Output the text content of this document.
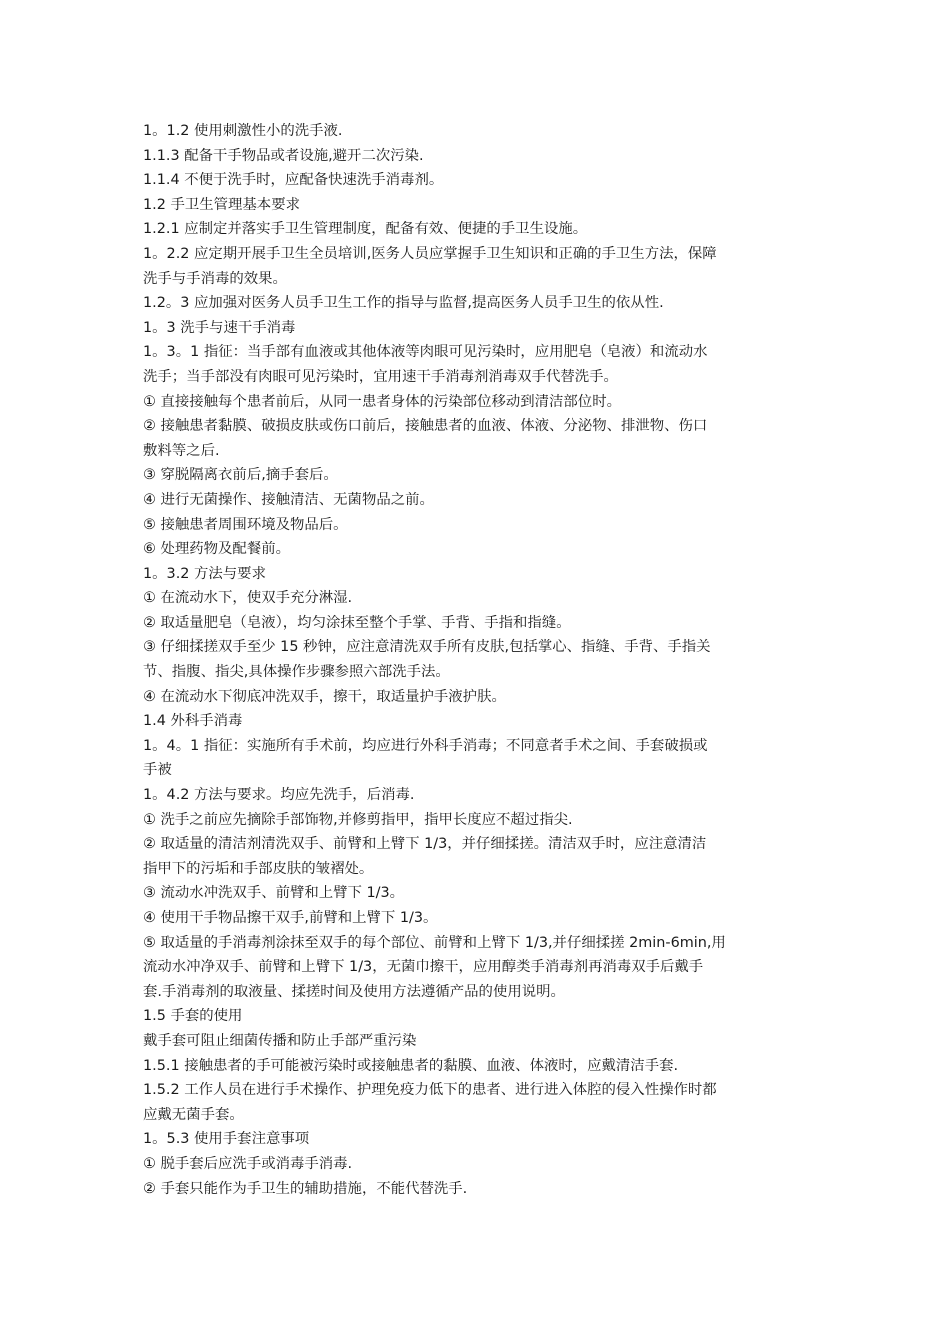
1。1.2 使用刺激性小的洗手液.
1.1.3 配备干手物品或者设施,避开二次污染.
1.1.4 不便于洗手时，应配备快速洗手消毒剂。
1.2 手卫生管理基本要求
1.2.1 应制定并落实手卫生管理制度，配备有效、便捷的手卫生设施。
1。2.2 应定期开展手卫生全员培训,医务人员应掌握手卫生知识和正确的手卫生方法，保障
洗手与手消毒的效果。
1.2。3 应加强对医务人员手卫生工作的指导与监督,提高医务人员手卫生的依从性.
1。3 洗手与速干手消毒
1。3。1 指征：当手部有血液或其他体液等肉眼可见污染时，应用肥皂（皂液）和流动水
洗手；当手部没有肉眼可见污染时，宜用速干手消毒剂消毒双手代替洗手。
① 直接接触每个患者前后，从同一患者身体的污染部位移动到清洁部位时。
② 接触患者黏膜、破损皮肤或伤口前后，接触患者的血液、体液、分泌物、排泄物、伤口
敷料等之后.
③ 穿脱隔离衣前后,摘手套后。
④ 进行无菌操作、接触清洁、无菌物品之前。
⑤ 接触患者周围环境及物品后。
⑥ 处理药物及配餐前。
1。3.2 方法与要求
① 在流动水下，使双手充分淋湿.
② 取适量肥皂（皂液），均匀涂抹至整个手掌、手背、手指和指缝。
③ 仔细揉搓双手至少 15 秒钟，应注意清洗双手所有皮肤,包括掌心、指缝、手背、手指关
节、指腹、指尖,具体操作步骤参照六部洗手法。
④ 在流动水下彻底冲洗双手，擦干，取适量护手液护肤。
1.4 外科手消毒
1。4。1 指征：实施所有手术前，均应进行外科手消毒；不同意者手术之间、手套破损或
手被
1。4.2 方法与要求。均应先洗手，后消毒.
① 洗手之前应先摘除手部饰物,并修剪指甲，指甲长度应不超过指尖.
② 取适量的清洁剂清洗双手、前臂和上臂下 1/3，并仔细揉搓。清洁双手时，应注意清洁
指甲下的污垢和手部皮肤的皱褶处。
③ 流动水冲洗双手、前臂和上臂下 1/3。
④ 使用干手物品擦干双手,前臂和上臂下 1/3。
⑤ 取适量的手消毒剂涂抹至双手的每个部位、前臂和上臂下 1/3,并仔细揉搓 2min-6min,用
流动水冲净双手、前臂和上臂下 1/3，无菌巾擦干，应用醇类手消毒剂再消毒双手后戴手
套.手消毒剂的取液量、揉搓时间及使用方法遵循产品的使用说明。
1.5 手套的使用
戴手套可阻止细菌传播和防止手部严重污染
1.5.1 接触患者的手可能被污染时或接触患者的黏膜、血液、体液时，应戴清洁手套.
1.5.2 工作人员在进行手术操作、护理免疫力低下的患者、进行进入体腔的侵入性操作时都
应戴无菌手套。
1。5.3 使用手套注意事项
① 脱手套后应洗手或消毒手消毒.
② 手套只能作为手卫生的辅助措施，不能代替洗手.
